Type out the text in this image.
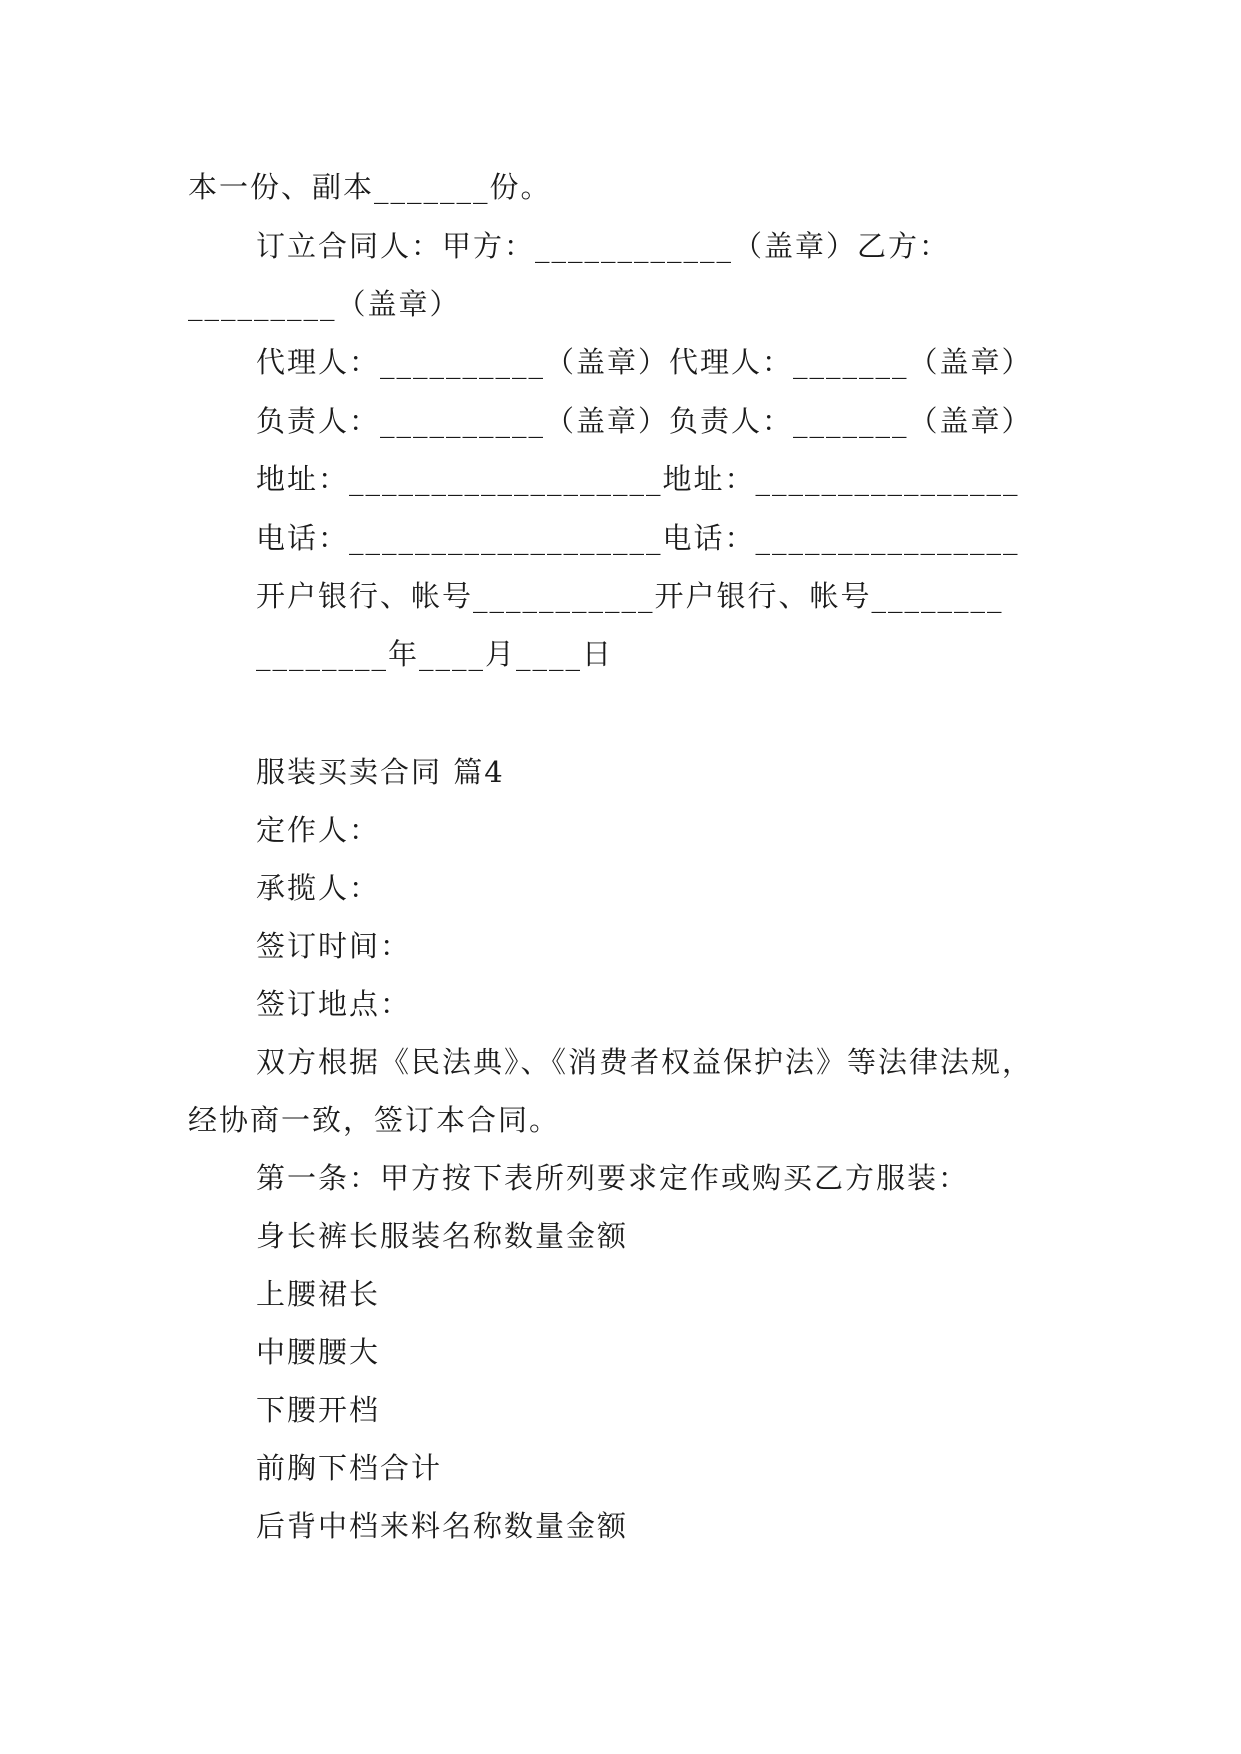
本一份、副本_______份。
订立合同人：甲方：____________（盖章）乙方：
_________（盖章）
代理人：__________（盖章）代理人：_______（盖章）
负责人：__________（盖章）负责人：_______（盖章）
地址：___________________地址：________________
电话：___________________电话：________________
开户银行、帐号___________开户银行、帐号________
________年____月____日
服装买卖合同 篇4
定作人：
承揽人：
签订时间：
签订地点：
双方根据《民法典》、《消费者权益保护法》等法律法规，
经协商一致，签订本合同。
第一条：甲方按下表所列要求定作或购买乙方服装：
身长裤长服装名称数量金额
上腰裙长
中腰腰大
下腰开档
前胸下档合计
后背中档来料名称数量金额
